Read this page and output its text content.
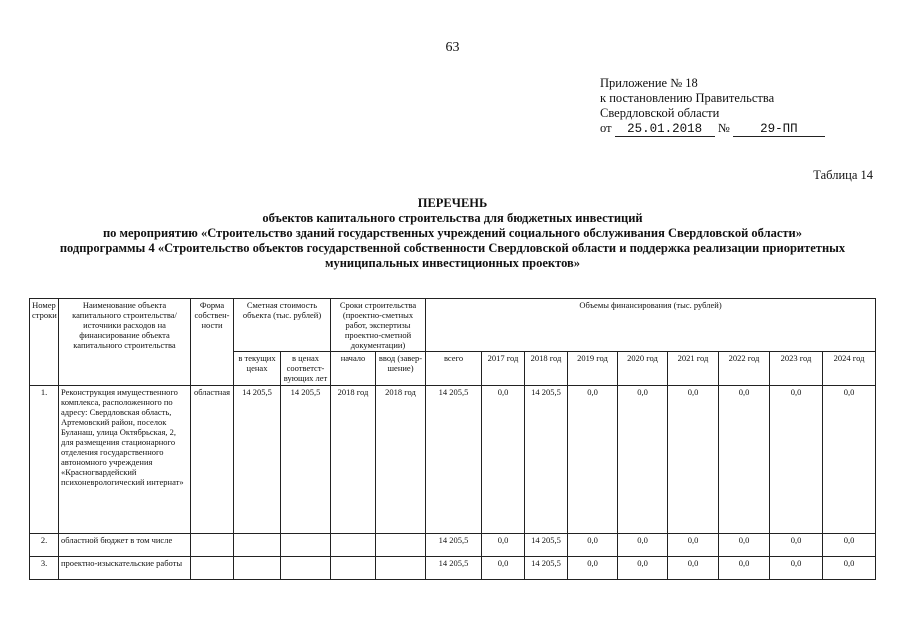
63
Приложение № 18
к постановлению Правительства
Свердловской области
от 25.01.2018 № 29-ПП
Таблица 14
ПЕРЕЧЕНЬ
объектов капитального строительства для бюджетных инвестиций
по мероприятию «Строительство зданий государственных учреждений социального обслуживания Свердловской области»
подпрограммы 4 «Строительство объектов государственной собственности Свердловской области и поддержка реализации приоритетных
муниципальных инвестиционных проектов»
Номер строки	Наименование объекта капитального строительства/ источники расходов на финансирование объекта капитального строительства	Форма собствен-ности	Сметная стоимость объекта (тыс. рублей)		Сроки строительства (проектно-сметных работ, экспертизы проектно-сметной документации)		Объемы финансирования (тыс. рублей)								
			в текущих ценах	в ценах соответст-вующих лет	начало	ввод (завер-шение)	всего	2017 год	2018 год	2019 год	2020 год	2021 год	2022 год	2023 год	2024 год
1.	Реконструкция имущественного комплекса, расположенного по адресу: Свердловская область, Артемовский район, поселок Буланаш, улица Октябрьская, 2, для размещения стационарного отделения государственного автономного учреждения «Красногвардейский психоневрологический интернат»	областная	14 205,5	14 205,5	2018 год	2018 год	14 205,5	0,0	14 205,5	0,0	0,0	0,0	0,0	0,0	0,0
2.	областной бюджет в том числе						14 205,5	0,0	14 205,5	0,0	0,0	0,0	0,0	0,0	0,0
3.	проектно-изыскательские работы						14 205,5	0,0	14 205,5	0,0	0,0	0,0	0,0	0,0	0,0
